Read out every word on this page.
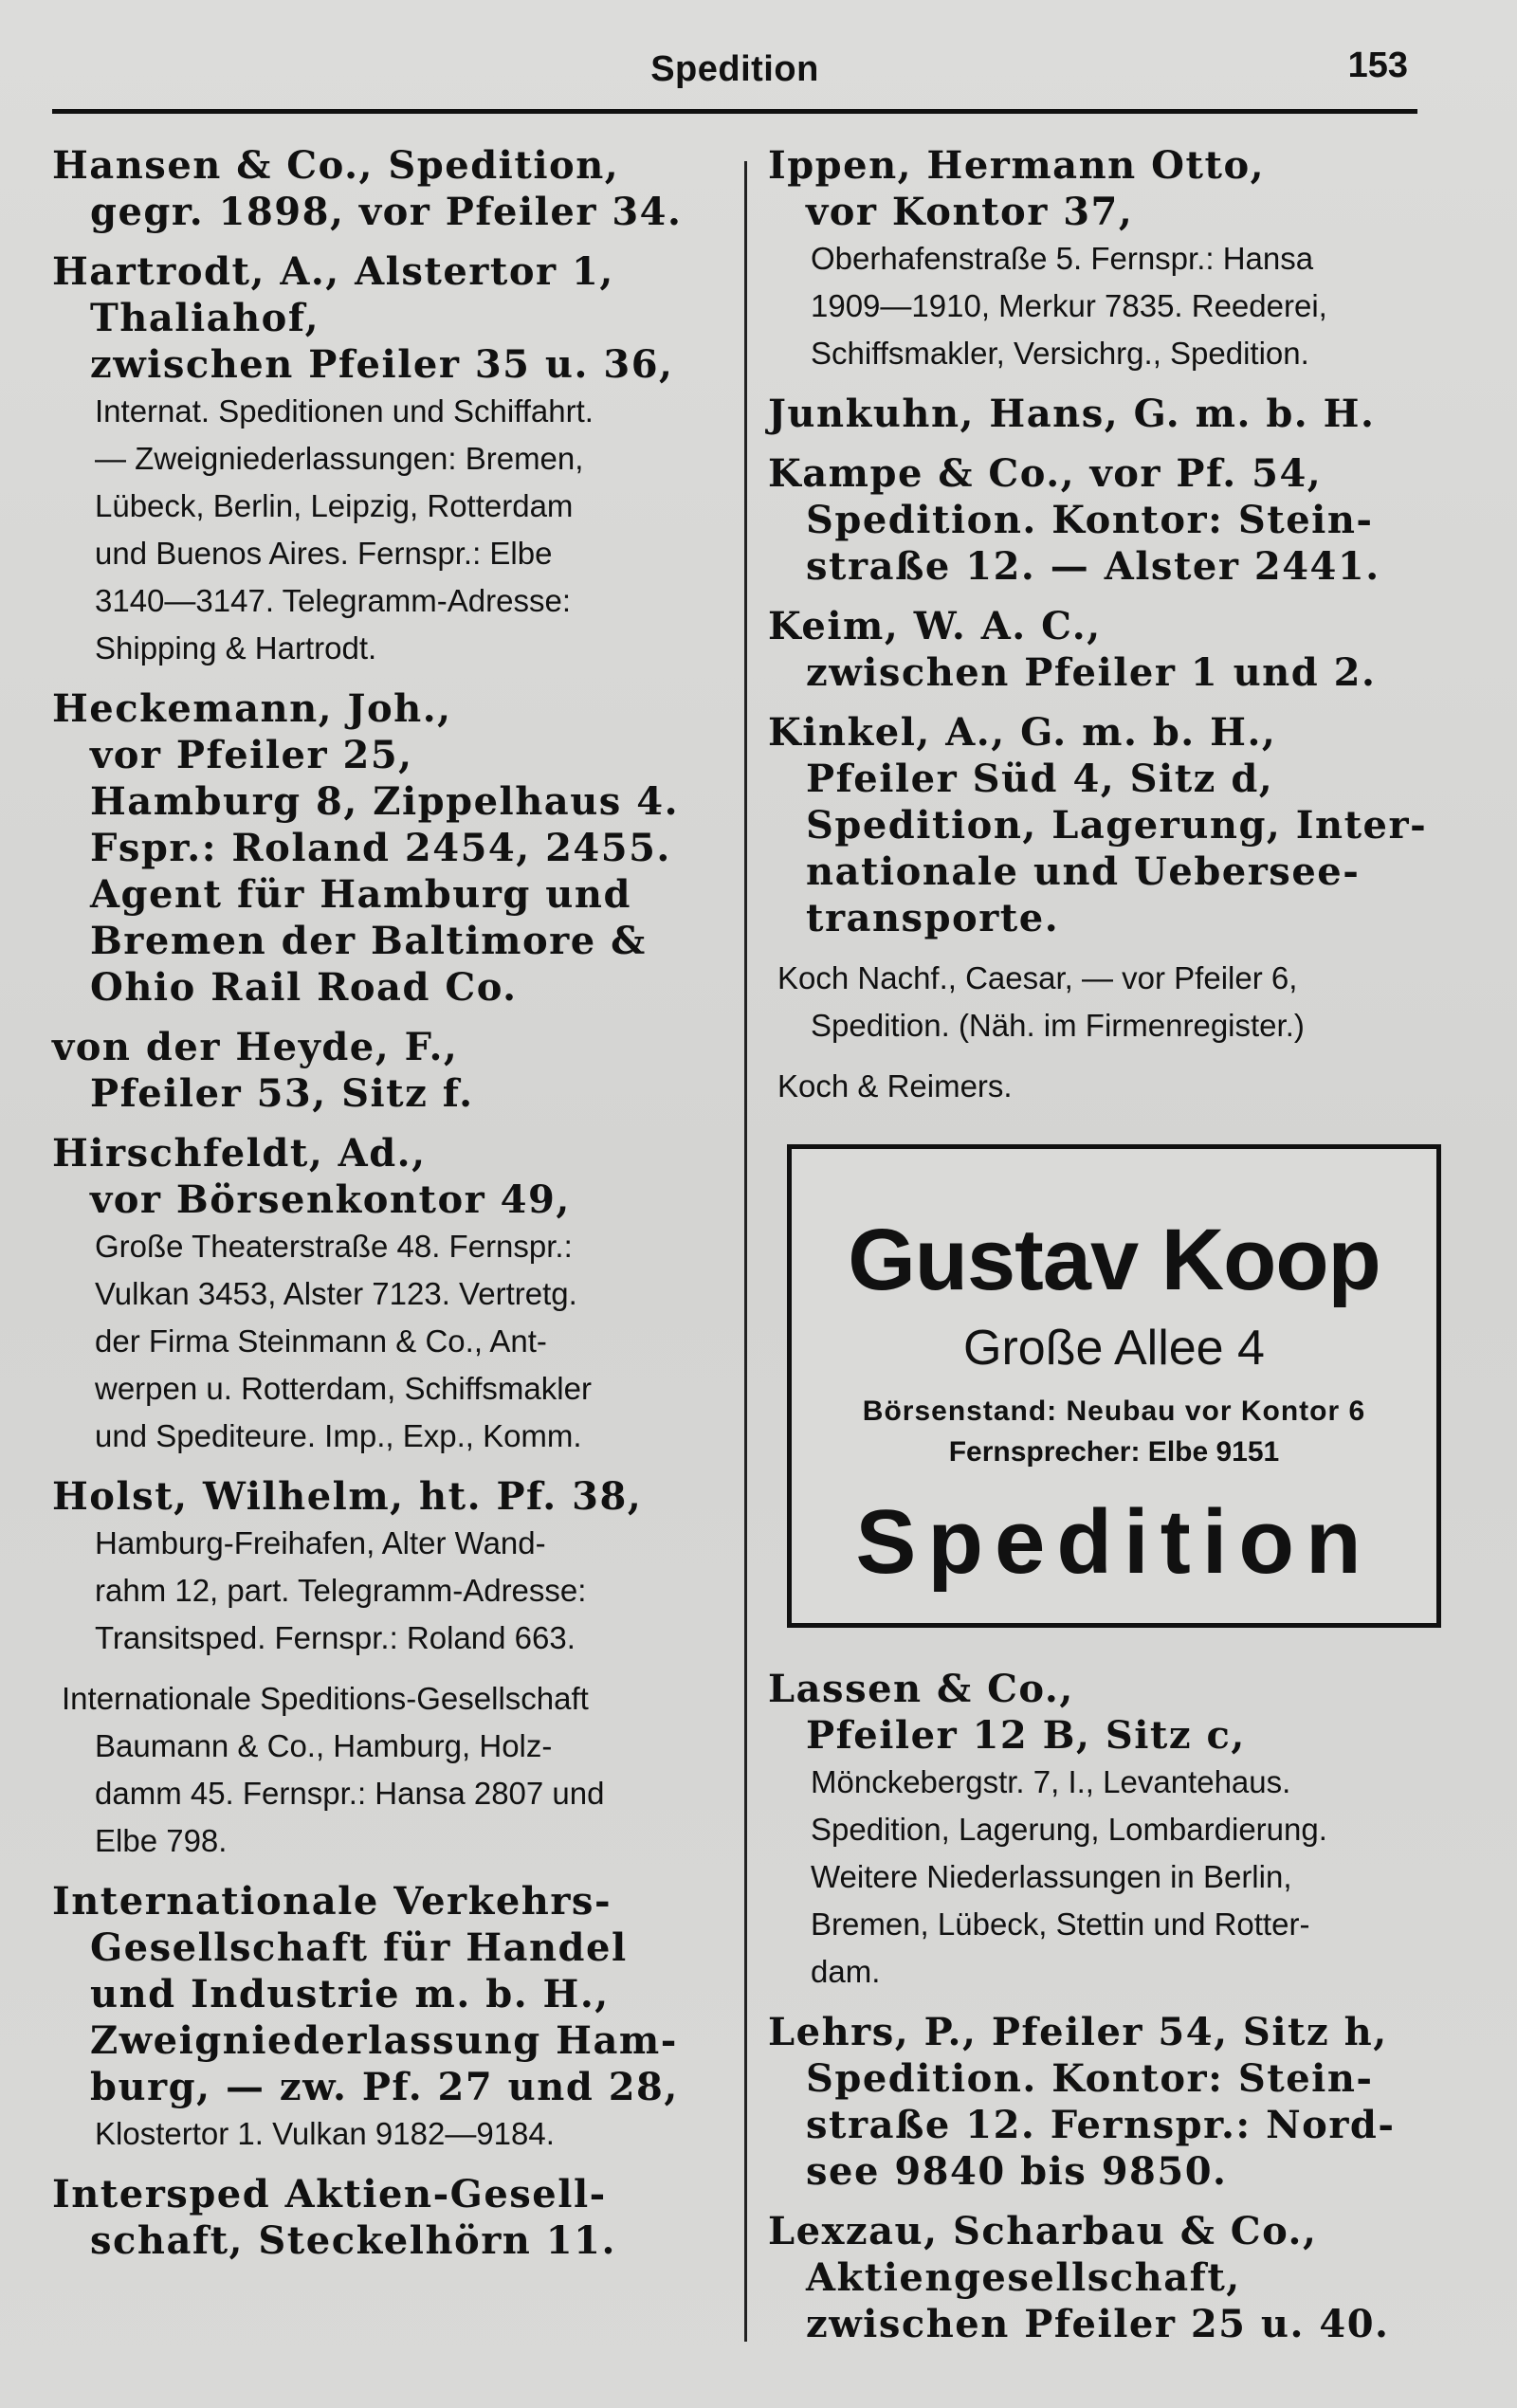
Spedition	153
Hansen & Co., Spedition,
gegr. 1898, vor Pfeiler 34.
Hartrodt, A., Alstertor 1,
Thaliahof,
zwischen Pfeiler 35 u. 36,
Internat. Speditionen und Schiffahrt.
— Zweigniederlassungen: Bremen,
Lübeck, Berlin, Leipzig, Rotterdam
und Buenos Aires. Fernspr.: Elbe
3140—3147. Telegramm-Adresse:
Shipping & Hartrodt.
Heckemann, Joh.,
vor Pfeiler 25,
Hamburg 8, Zippelhaus 4.
Fspr.: Roland 2454, 2455.
Agent für Hamburg und
Bremen der Baltimore &
Ohio Rail Road Co.
von der Heyde, F.,
Pfeiler 53, Sitz f.
Hirschfeldt, Ad.,
vor Börsenkontor 49,
Große Theaterstraße 48. Fernspr.:
Vulkan 3453, Alster 7123. Vertretg.
der Firma Steinmann & Co., Ant-
werpen u. Rotterdam, Schiffsmakler
und Spediteure. Imp., Exp., Komm.
Holst, Wilhelm, ht. Pf. 38,
Hamburg-Freihafen, Alter Wand-
rahm 12, part. Telegramm-Adresse:
Transitsped. Fernspr.: Roland 663.
Internationale Speditions-Gesellschaft
Baumann & Co., Hamburg, Holz-
damm 45. Fernspr.: Hansa 2807 und
Elbe 798.
Internationale Verkehrs-
Gesellschaft für Handel
und Industrie m. b. H.,
Zweigniederlassung Ham-
burg, — zw. Pf. 27 und 28,
Klostertor 1. Vulkan 9182—9184.
Intersped Aktien-Gesell-
schaft, Steckelhörn 11.
Ippen, Hermann Otto,
vor Kontor 37,
Oberhafenstraße 5. Fernspr.: Hansa
1909—1910, Merkur 7835. Reederei,
Schiffsmakler, Versichrg., Spedition.
Junkuhn, Hans, G. m. b. H.
Kampe & Co., vor Pf. 54,
Spedition. Kontor: Stein-
straße 12. — Alster 2441.
Keim, W. A. C.,
zwischen Pfeiler 1 und 2.
Kinkel, A., G. m. b. H.,
Pfeiler Süd 4, Sitz d,
Spedition, Lagerung, Inter-
nationale und Uebersee-
transporte.
Koch Nachf., Caesar, — vor Pfeiler 6,
Spedition. (Näh. im Firmenregister.)
Koch & Reimers.
Gustav Koop
Große Allee 4
Börsenstand: Neubau vor Kontor 6
Fernsprecher: Elbe 9151
Spedition
Lassen & Co.,
Pfeiler 12 B, Sitz c,
Mönckebergstr. 7, I., Levantehaus.
Spedition, Lagerung, Lombardierung.
Weitere Niederlassungen in Berlin,
Bremen, Lübeck, Stettin und Rotter-
dam.
Lehrs, P., Pfeiler 54, Sitz h,
Spedition. Kontor: Stein-
straße 12. Fernspr.: Nord-
see 9840 bis 9850.
Lexzau, Scharbau & Co.,
Aktiengesellschaft,
zwischen Pfeiler 25 u. 40.
